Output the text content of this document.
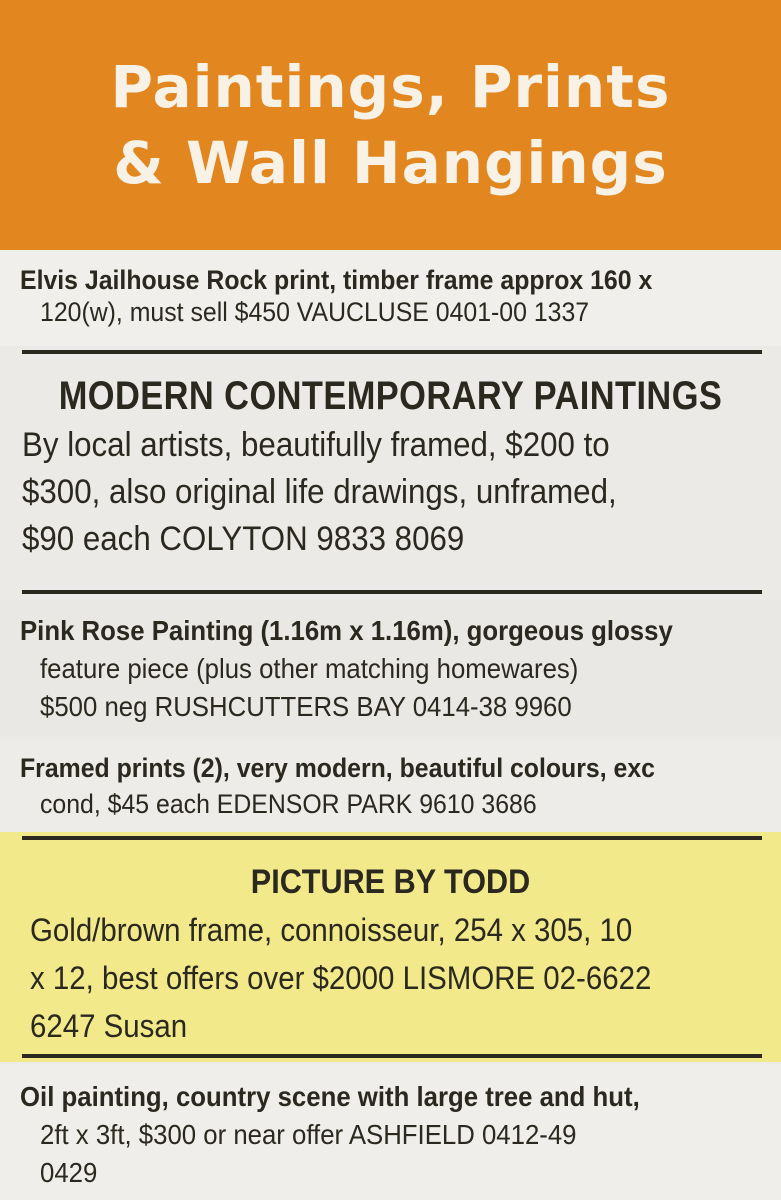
Paintings, Prints
& Wall Hangings

Elvis Jailhouse Rock print, timber frame approx 160 x

120(w), must sell $450 VAUCLUSE 0401-00 1337

MODERN CONTEMPORARY PAINTINGS

By local artists, beautifully framed, $200 to

$300, also original life drawings, unframed,

$90 each COLYTON 9833 8069

Pink Rose Painting (1.16m x 1.16m), gorgeous glossy

feature piece (plus other matching homewares)

$500 neg RUSHCUTTERS BAY 0414-38 9960

Framed prints (2), very modern, beautiful colours, exc

cond, $45 each EDENSOR PARK 9610 3686

PICTURE BY TODD

Gold/brown frame, connoisseur, 254 x 305, 10

x 12, best offers over $2000 LISMORE 02-6622

6247 Susan

Oil painting, country scene with large tree and hut,

2ft x 3ft, $300 or near offer ASHFIELD 0412-49

0429
